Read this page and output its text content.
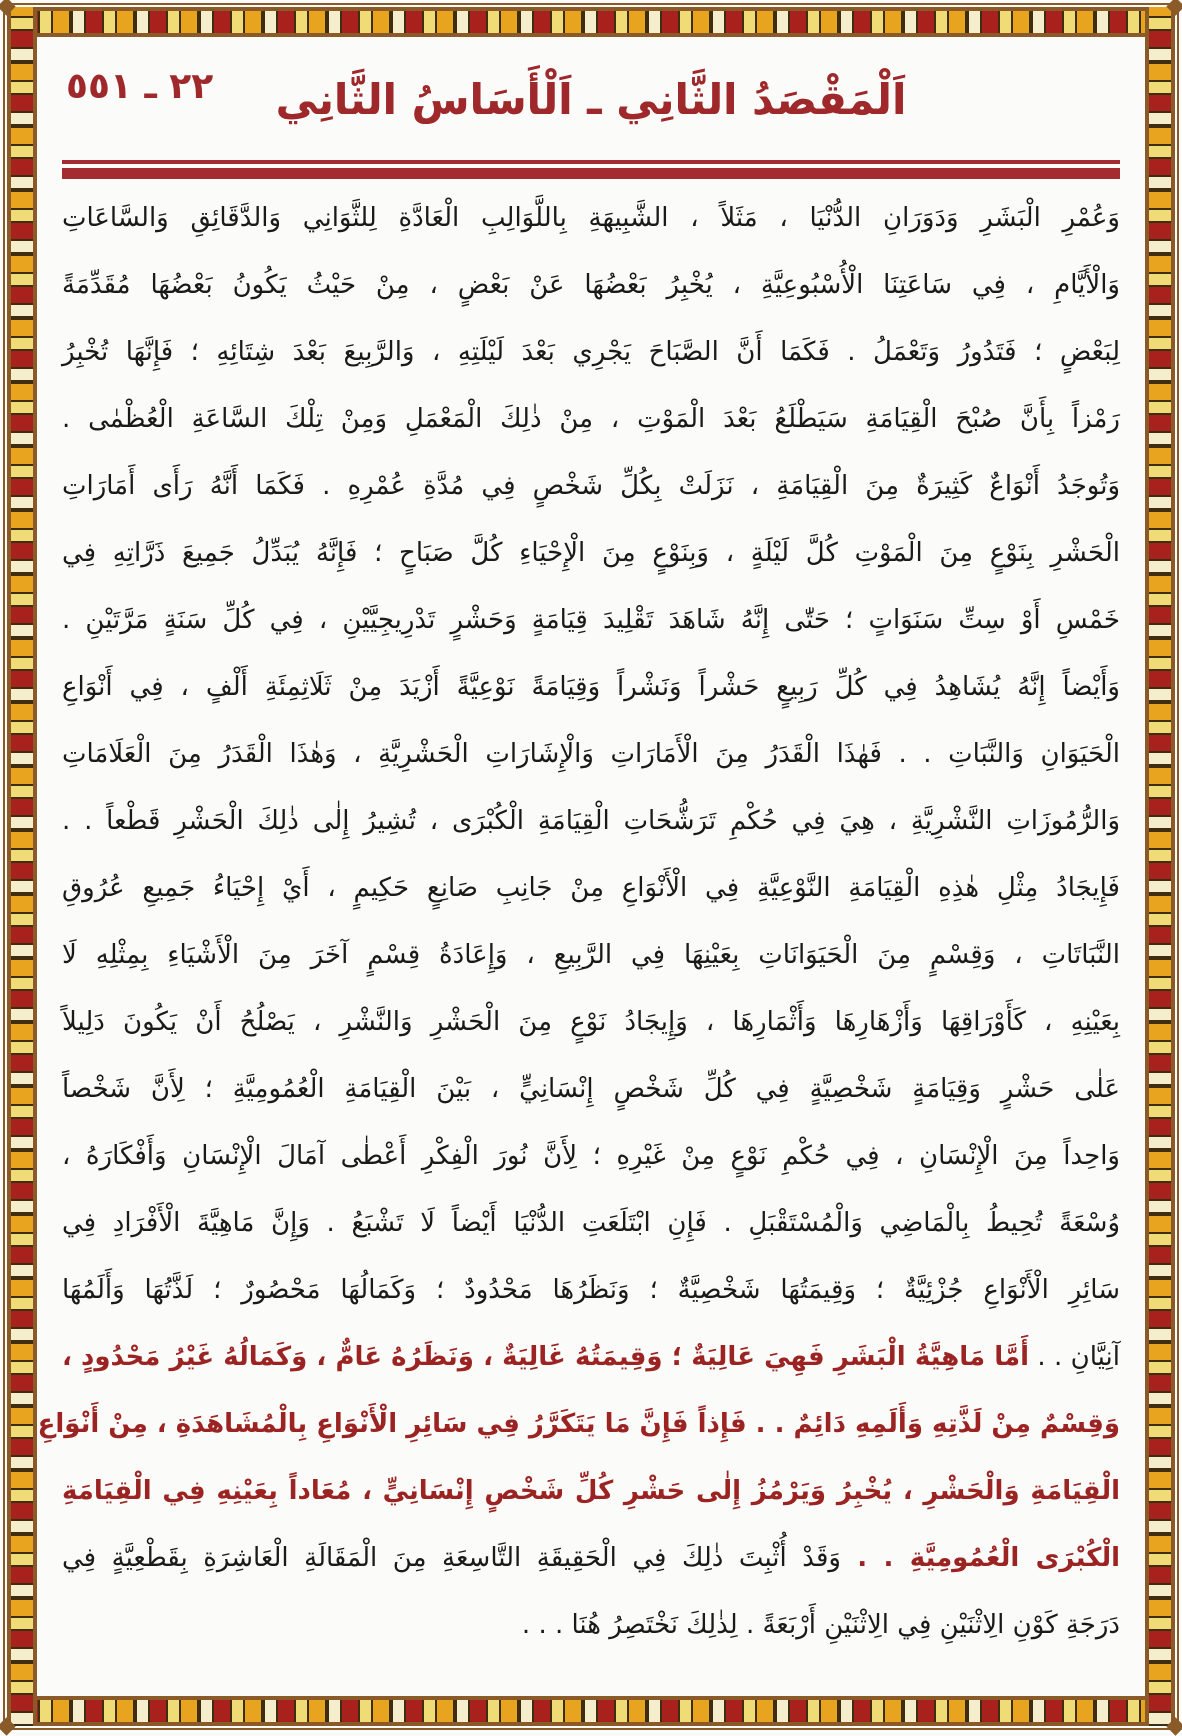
٢٢ ـ ٥٥١ اَلْمَقْصَدُ الثَّانِي ـ اَلْأَسَاسُ الثَّانِي
وَعُمْرِ الْبَشَرِ وَدَوَرَانِ الدُّنْيَا ، مَثَلاً ، الشَّبِيهَةِ بِاللَّوَالِبِ الْعَادَّةِ لِلثَّوَانِي وَالدَّقَائِقِ وَالسَّاعَاتِ
وَالْأَيَّامِ ، فِي سَاعَتِنَا الْأُسْبُوعِيَّةِ ، يُخْبِرُ بَعْضُهَا عَنْ بَعْضٍ ، مِنْ حَيْثُ يَكُونُ بَعْضُهَا مُقَدِّمَةً
لِبَعْضٍ ؛ فَتَدُورُ وَتَعْمَلُ . فَكَمَا أَنَّ الصَّبَاحَ يَجْرِي بَعْدَ لَيْلَتِهِ ، وَالرَّبِيعَ بَعْدَ شِتَائِهِ ؛ فَإِنَّهَا تُخْبِرُ
رَمْزاً بِأَنَّ صُبْحَ الْقِيَامَةِ سَيَطْلَعُ بَعْدَ الْمَوْتِ ، مِنْ ذٰلِكَ الْمَعْمَلِ وَمِنْ تِلْكَ السَّاعَةِ الْعُظْمٰى .
وَتُوجَدُ أَنْوَاعٌ كَثِيرَةٌ مِنَ الْقِيَامَةِ ، نَزَلَتْ بِكُلِّ شَخْصٍ فِي مُدَّةِ عُمْرِهِ . فَكَمَا أَنَّهُ رَأَى أَمَارَاتِ
الْحَشْرِ بِنَوْعٍ مِنَ الْمَوْتِ كُلَّ لَيْلَةٍ ، وَبِنَوْعٍ مِنَ الْإِحْيَاءِ كُلَّ صَبَاحٍ ؛ فَإِنَّهُ يُبَدِّلُ جَمِيعَ ذَرَّاتِهِ فِي
خَمْسِ أَوْ سِتِّ سَنَوَاتٍ ؛ حَتّٰى إِنَّهُ شَاهَدَ تَقْلِيدَ قِيَامَةٍ وَحَشْرٍ تَدْرِيجِيَّيْنِ ، فِي كُلِّ سَنَةٍ مَرَّتَيْنِ .
وَأَيْضاً إِنَّهُ يُشَاهِدُ فِي كُلِّ رَبِيعٍ حَشْراً وَنَشْراً وَقِيَامَةً نَوْعِيَّةً أَزْيَدَ مِنْ ثَلَاثِمِئَةِ أَلْفٍ ، فِي أَنْوَاعِ
الْحَيَوَانِ وَالنَّبَاتِ . . فَهٰذَا الْقَدَرُ مِنَ الْأَمَارَاتِ وَالْإِشَارَاتِ الْحَشْرِيَّةِ ، وَهٰذَا الْقَدَرُ مِنَ الْعَلَامَاتِ
وَالرُّمُوزَاتِ النَّشْرِيَّةِ ، هِيَ فِي حُكْمِ تَرَشُّحَاتِ الْقِيَامَةِ الْكُبْرَى ، تُشِيرُ إِلٰى ذٰلِكَ الْحَشْرِ قَطْعاً . .
فَإِيجَادُ مِثْلِ هٰذِهِ الْقِيَامَةِ النَّوْعِيَّةِ فِي الْأَنْوَاعِ مِنْ جَانِبِ صَانِعٍ حَكِيمٍ ، أَيْ إِحْيَاءُ جَمِيعِ عُرُوقِ
النَّبَاتَاتِ ، وَقِسْمٍ مِنَ الْحَيَوَانَاتِ بِعَيْنِهَا فِي الرَّبِيعِ ، وَإِعَادَةُ قِسْمٍ آخَرَ مِنَ الْأَشْيَاءِ بِمِثْلِهِ لَا
بِعَيْنِهِ ، كَأَوْرَاقِهَا وَأَزْهَارِهَا وَأَثْمَارِهَا ، وَإِيجَادُ نَوْعٍ مِنَ الْحَشْرِ وَالنَّشْرِ ، يَصْلُحُ أَنْ يَكُونَ دَلِيلاً
عَلٰى حَشْرٍ وَقِيَامَةٍ شَخْصِيَّةٍ فِي كُلِّ شَخْصٍ إِنْسَانِيٍّ ، بَيْنَ الْقِيَامَةِ الْعُمُومِيَّةِ ؛ لِأَنَّ شَخْصاً
وَاحِداً مِنَ الْإِنْسَانِ ، فِي حُكْمِ نَوْعٍ مِنْ غَيْرِهِ ؛ لِأَنَّ نُورَ الْفِكْرِ أَعْطٰى آمَالَ الْإِنْسَانِ وَأَفْكَارَهُ ،
وُسْعَةً تُحِيطُ بِالْمَاضِي وَالْمُسْتَقْبَلِ . فَإِنِ ابْتَلَعَتِ الدُّنْيَا أَيْضاً لَا تَشْبَعُ . وَإِنَّ مَاهِيَّةَ الْأَفْرَادِ فِي
سَائِرِ الْأَنْوَاعِ جُزْئِيَّةٌ ؛ وَقِيمَتُهَا شَخْصِيَّةٌ ؛ وَنَظَرُهَا مَحْدُودٌ ؛ وَكَمَالُهَا مَحْصُورٌ ؛ لَذَّتُهَا وَأَلَمُهَا
آنِيَّانِ . . أَمَّا مَاهِيَّةُ الْبَشَرِ فَهِيَ عَالِيَةٌ ؛ وَقِيمَتُهُ غَالِيَةٌ ، وَنَظَرُهُ عَامٌّ ، وَكَمَالُهُ غَيْرُ مَحْدُودٍ ،
وَقِسْمٌ مِنْ لَذَّتِهِ وَأَلَمِهِ دَائِمٌ . . فَإِذاً فَإِنَّ مَا يَتَكَرَّرُ فِي سَائِرِ الْأَنْوَاعِ بِالْمُشَاهَدَةِ ، مِنْ أَنْوَاعِ
الْقِيَامَةِ وَالْحَشْرِ ، يُخْبِرُ وَيَرْمُزُ إِلٰى حَشْرِ كُلِّ شَخْصٍ إِنْسَانِيٍّ ، مُعَاداً بِعَيْنِهِ فِي الْقِيَامَةِ
الْكُبْرَى الْعُمُومِيَّةِ . . وَقَدْ أُثْبِتَ ذٰلِكَ فِي الْحَقِيقَةِ التَّاسِعَةِ مِنَ الْمَقَالَةِ الْعَاشِرَةِ بِقَطْعِيَّةٍ فِي
دَرَجَةِ كَوْنِ الِاثْنَيْنِ فِي الِاثْنَيْنِ أَرْبَعَةً . لِذٰلِكَ نَخْتَصِرُ هُنَا . . .
